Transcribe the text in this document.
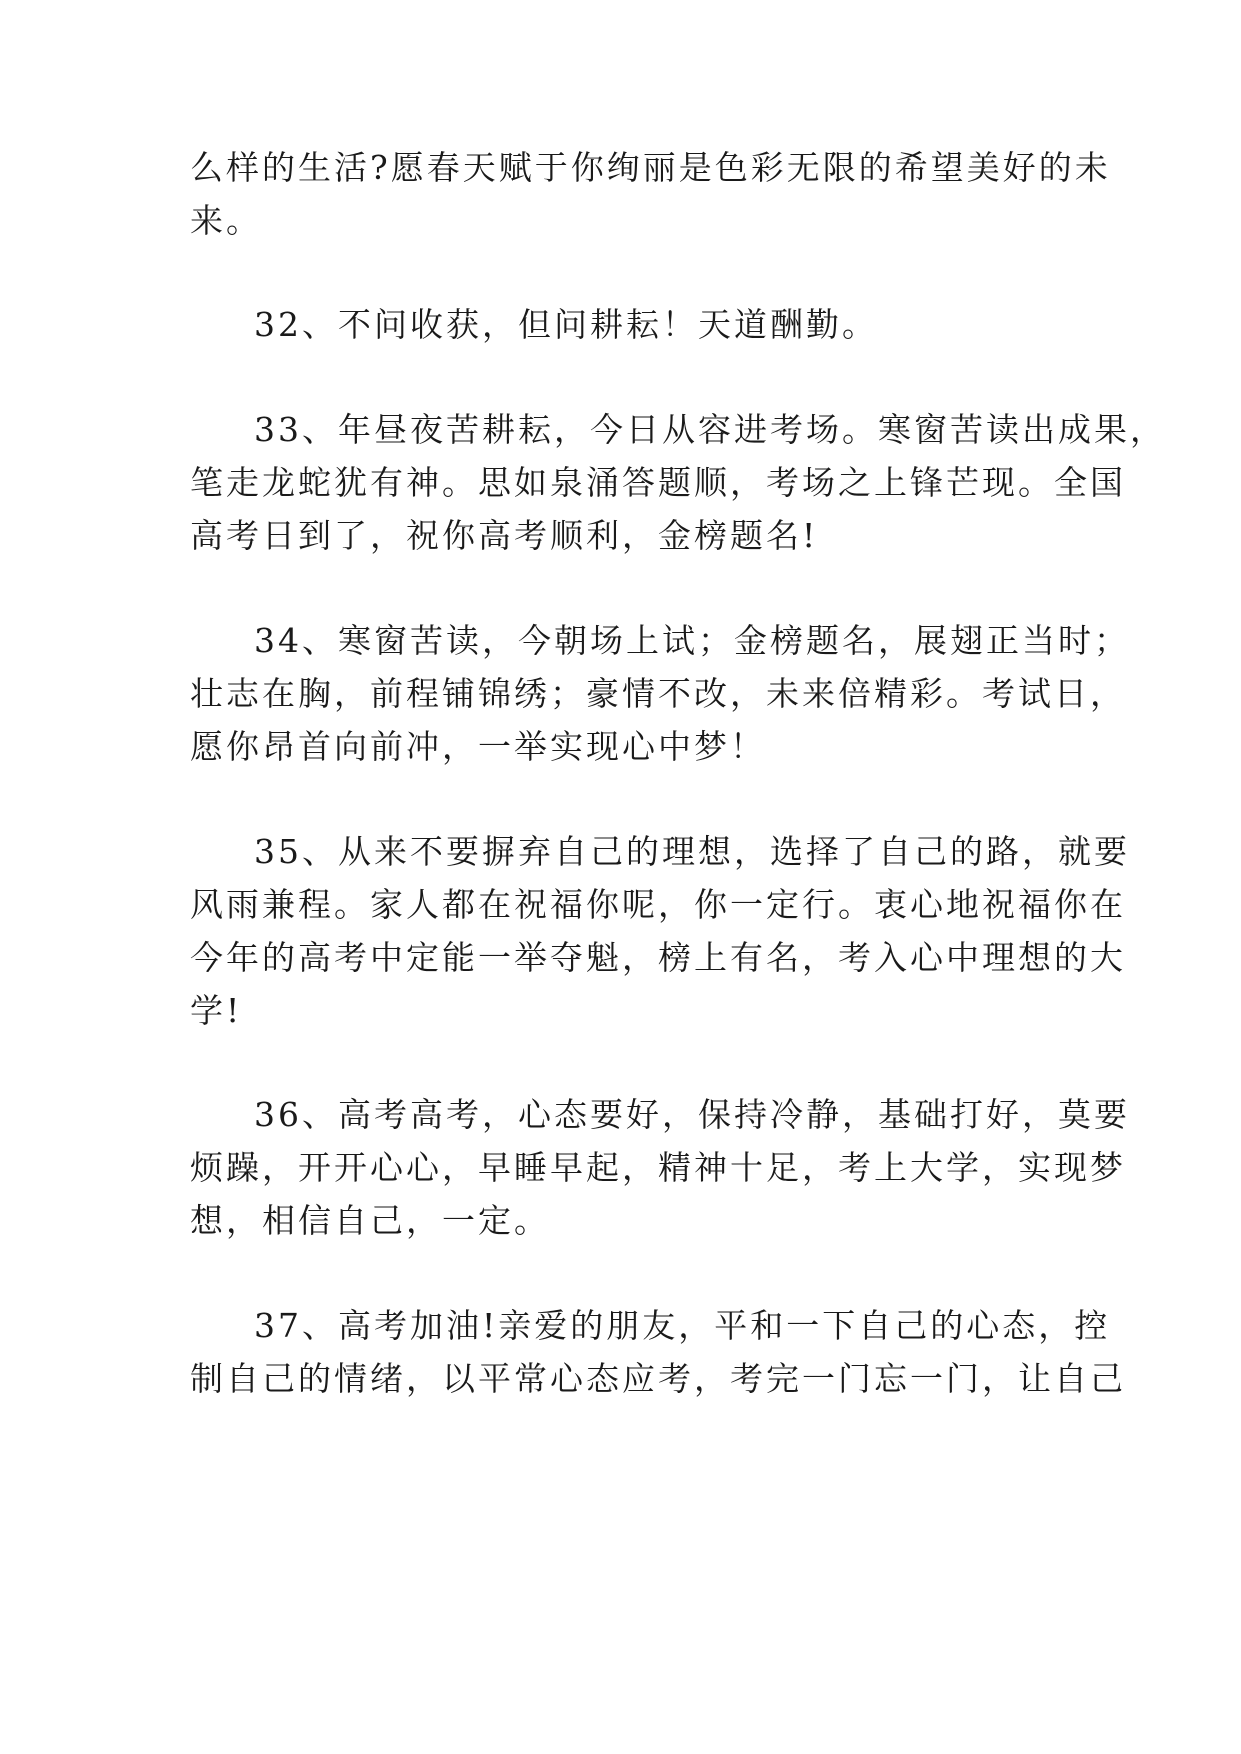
么样的生活?愿春天赋于你绚丽是色彩无限的希望美好的未
来。
32、不问收获，但问耕耘！天道酬勤。
33、年昼夜苦耕耘，今日从容进考场。寒窗苦读出成果，
笔走龙蛇犹有神。思如泉涌答题顺，考场之上锋芒现。全国
高考日到了，祝你高考顺利，金榜题名!
34、寒窗苦读，今朝场上试；金榜题名，展翅正当时；
壮志在胸，前程铺锦绣；豪情不改，未来倍精彩。考试日，
愿你昂首向前冲，一举实现心中梦！
35、从来不要摒弃自己的理想，选择了自己的路，就要
风雨兼程。家人都在祝福你呢，你一定行。衷心地祝福你在
今年的高考中定能一举夺魁，榜上有名，考入心中理想的大
学!
36、高考高考，心态要好，保持冷静，基础打好，莫要
烦躁，开开心心，早睡早起，精神十足，考上大学，实现梦
想，相信自己，一定。
37、高考加油!亲爱的朋友，平和一下自己的心态，控
制自己的情绪，以平常心态应考，考完一门忘一门，让自己
